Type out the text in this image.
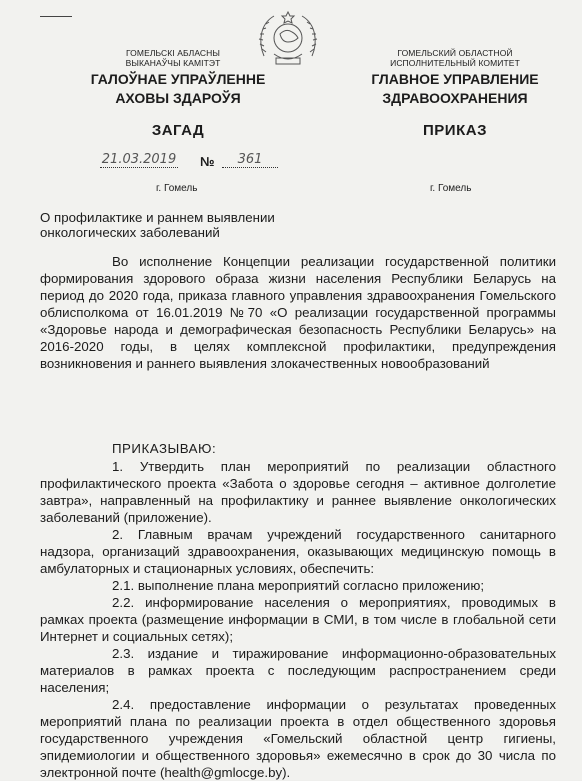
ГОМЕЛЬСКІ АБЛАСНЫ ВЫКАНАЎЧЫ КАМІТЭТ
ГОМЕЛЬСКИЙ ОБЛАСТНОЙ ИСПОЛНИТЕЛЬНЫЙ КОМИТЕТ
ГАЛОЎНАЕ УПРАЎЛЕННЕ АХОВЫ ЗДАРОЎЯ
ГЛАВНОЕ УПРАВЛЕНИЕ ЗДРАВООХРАНЕНИЯ
ЗАГАД	ПРИКАЗ
21.03.2019 №	361
г. Гомель	г. Гомель
О профилактике и раннем выявлении онкологических заболеваний
Во исполнение Концепции реализации государственной политики формирования здорового образа жизни населения Республики Беларусь на период до 2020 года, приказа главного управления здравоохранения Гомельского облисполкома от 16.01.2019 №70 «О реализации государственной программы «Здоровье народа и демографическая безопасность Республики Беларусь» на 2016-2020 годы, в целях комплексной профилактики, предупреждения возникновения и раннего выявления злокачественных новообразований
ПРИКАЗЫВАЮ:

1. Утвердить план мероприятий по реализации областного профилактического проекта «Забота о здоровье сегодня – активное долголетие завтра», направленный на профилактику и раннее выявление онкологических заболеваний (приложение).

2. Главным врачам учреждений государственного санитарного надзора, организаций здравоохранения, оказывающих медицинскую помощь в амбулаторных и стационарных условиях, обеспечить:

2.1. выполнение плана мероприятий согласно приложению;

2.2. информирование населения о мероприятиях, проводимых в рамках проекта (размещение информации в СМИ, в том числе в глобальной сети Интернет и социальных сетях);

2.3. издание и тиражирование информационно-образовательных материалов в рамках проекта с последующим распространением среди населения;

2.4. предоставление информации о результатах проведенных мероприятий плана по реализации проекта в отдел общественного здоровья государственного учреждения «Гомельский областной центр гигиены, эпидемиологии и общественного здоровья» ежемесячно в срок до 30 числа по электронной почте (health@gmlocge.by).
